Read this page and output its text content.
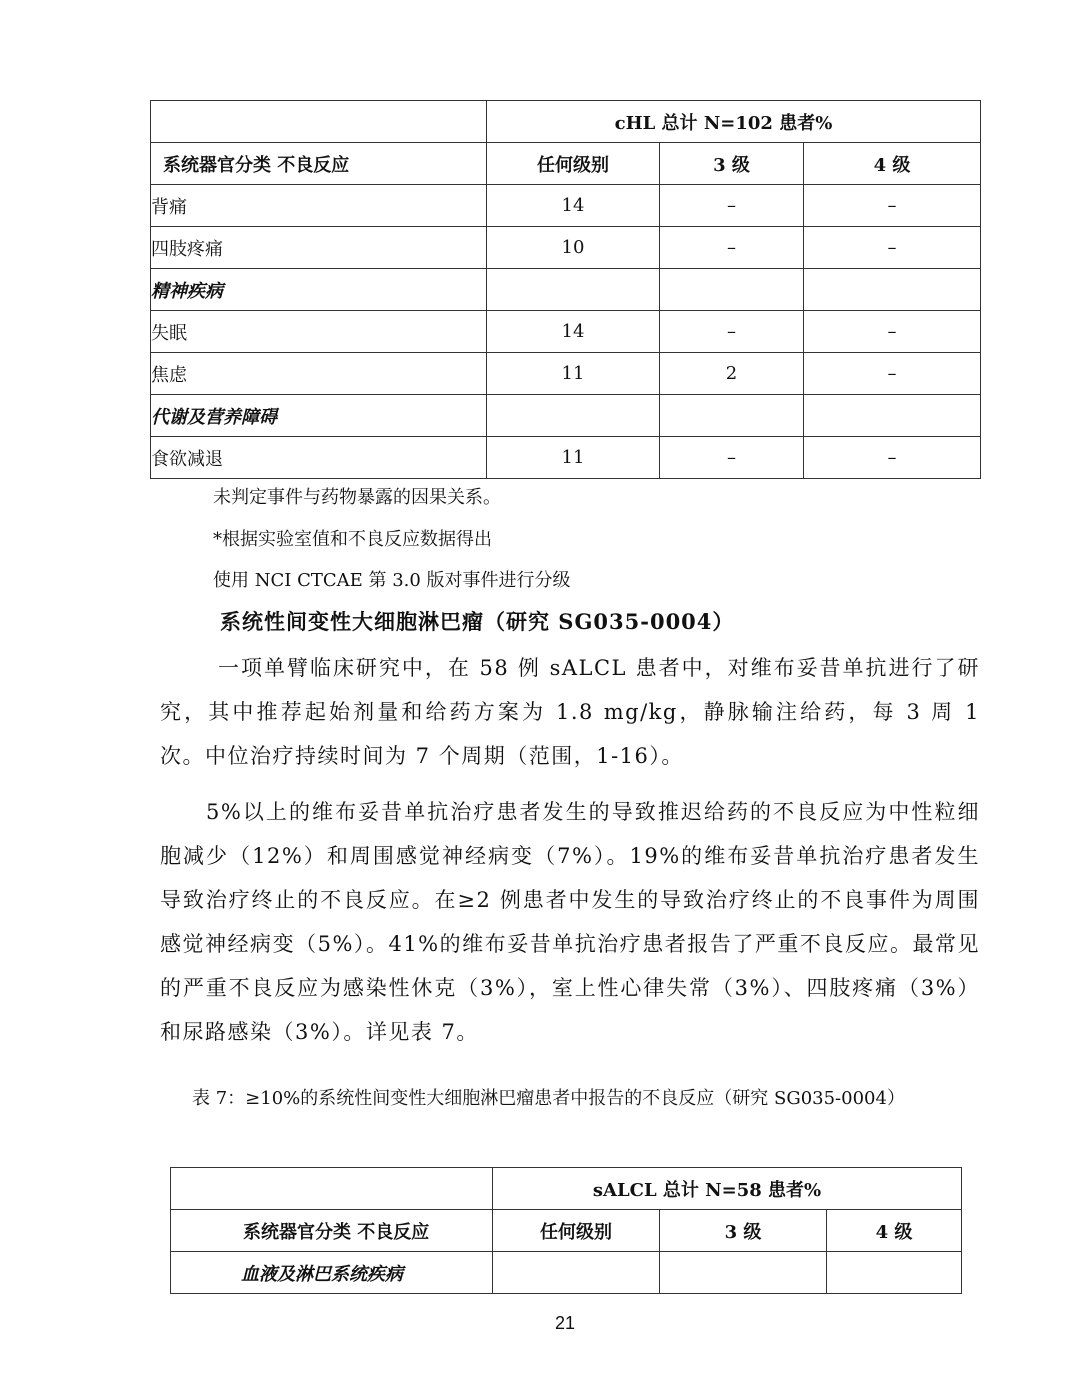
	cHL 总计 N=102 患者%		
系统器官分类 不良反应	任何级别	3 级	4 级
背痛	14	–	–
四肢疼痛	10	–	–
精神疾病			
失眠	14	–	–
焦虑	11	2	–
代谢及营养障碍			
食欲减退	11	–	–
未判定事件与药物暴露的因果关系。
*根据实验室值和不良反应数据得出
使用 NCI CTCAE 第 3.0 版对事件进行分级
系统性间变性大细胞淋巴瘤（研究 SG035-0004）

一项单臂临床研究中，在 58 例 sALCL 患者中，对维布妥昔单抗进行了研究，其中推荐起始剂量和给药方案为 1.8 mg/kg，静脉输注给药，每 3 周 1 次。中位治疗持续时间为 7 个周期（范围，1-16）。

5%以上的维布妥昔单抗治疗患者发生的导致推迟给药的不良反应为中性粒细胞减少（12%）和周围感觉神经病变（7%）。19%的维布妥昔单抗治疗患者发生导致治疗终止的不良反应。在≥2 例患者中发生的导致治疗终止的不良事件为周围感觉神经病变（5%）。41%的维布妥昔单抗治疗患者报告了严重不良反应。最常见的严重不良反应为感染性休克（3%），室上性心律失常（3%）、四肢疼痛（3%）和尿路感染（3%）。详见表 7。

表 7：≥10%的系统性间变性大细胞淋巴瘤患者中报告的不良反应（研究 SG035-0004）

	sALCL 总计 N=58 患者%		
系统器官分类 不良反应	任何级别	3 级	4 级
血液及淋巴系统疾病			
21
